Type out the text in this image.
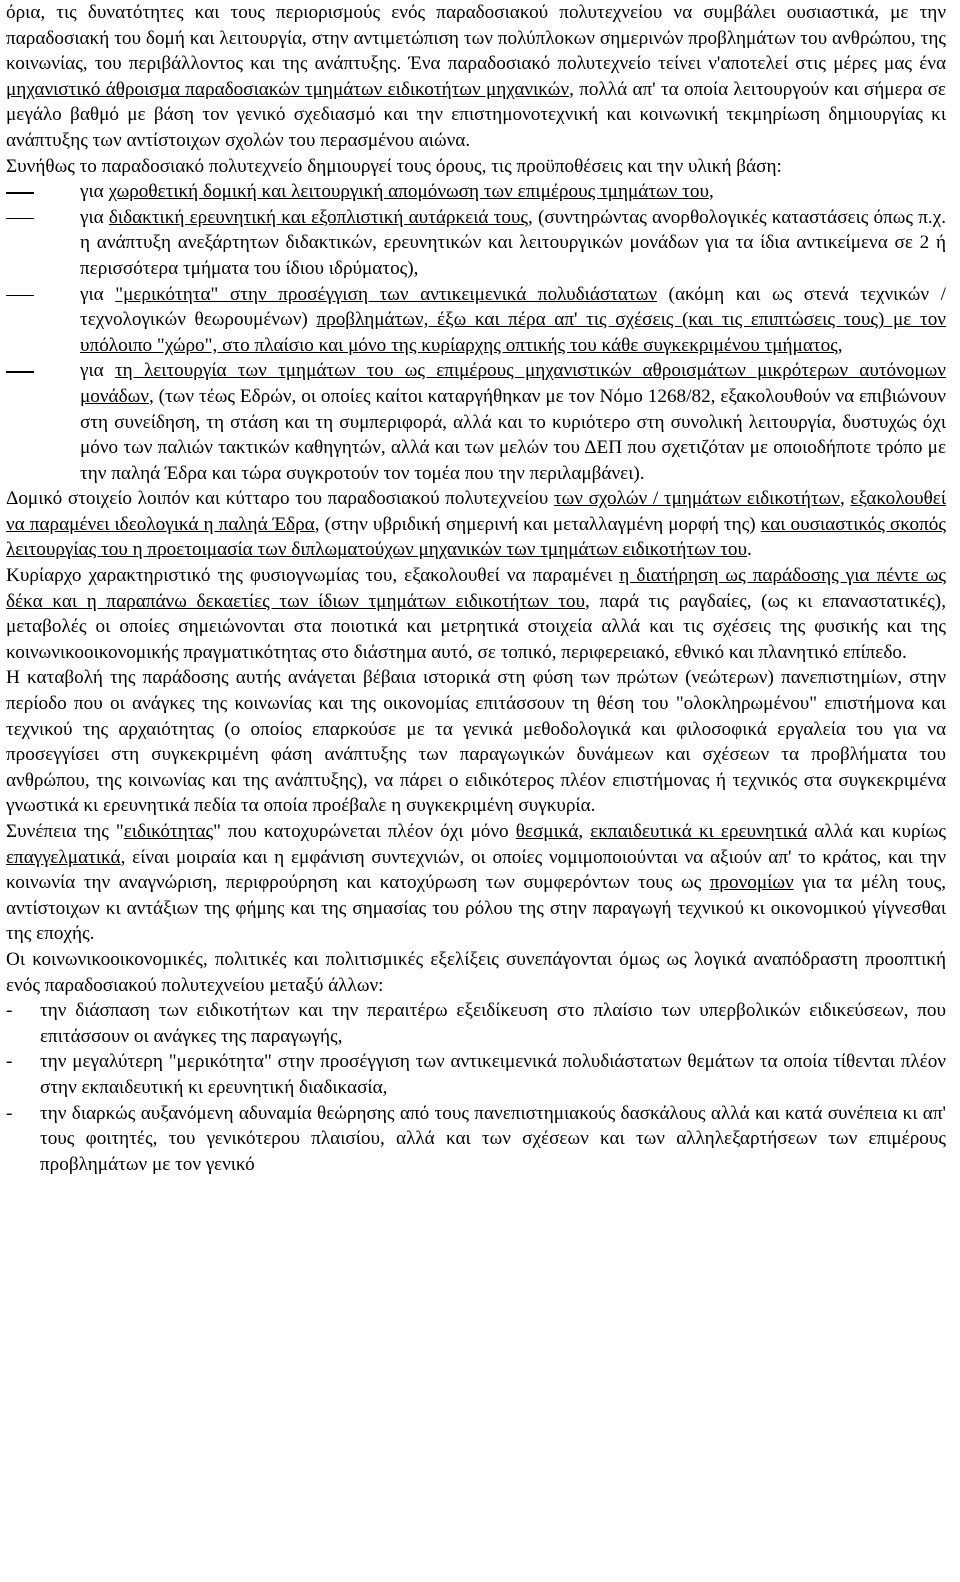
όρια, τις δυνατότητες και τους περιορισμούς ενός παραδοσιακού πολυτεχνείου να συμβάλει ουσιαστικά, με την παραδοσιακή του δομή και λειτουργία, στην αντιμετώπιση των πολύπλοκων σημερινών προβλημάτων του ανθρώπου, της κοινωνίας, του περιβάλλοντος και της ανάπτυξης. Ένα παραδοσιακό πολυτεχνείο τείνει ν'αποτελεί στις μέρες μας ένα μηχανιστικό άθροισμα παραδοσιακών τμημάτων ειδικοτήτων μηχανικών, πολλά απ' τα οποία λειτουργούν και σήμερα σε μεγάλο βαθμό με βάση τον γενικό σχεδιασμό και την επιστημονοτεχνική και κοινωνική τεκμηρίωση δημιουργίας κι ανάπτυξης των αντίστοιχων σχολών του περασμένου αιώνα.

Συνήθως το παραδοσιακό πολυτεχνείο δημιουργεί τους όρους, τις προϋποθέσεις και την υλική βάση:

για χωροθετική δομική και λειτουργική απομόνωση των επιμέρους τμημάτων του,
για διδακτική ερευνητική και εξοπλιστική αυτάρκειά τους, (συντηρώντας ανορθολογικές καταστάσεις όπως π.χ. η ανάπτυξη ανεξάρτητων διδακτικών, ερευνητικών και λειτουργικών μονάδων για τα ίδια αντικείμενα σε 2 ή περισσότερα τμήματα του ίδιου ιδρύματος),
για "μερικότητα" στην προσέγγιση των αντικειμενικά πολυδιάστατων (ακόμη και ως στενά τεχνικών / τεχνολογικών θεωρουμένων) προβλημάτων, έξω και πέρα απ' τις σχέσεις (και τις επιπτώσεις τους) με τον υπόλοιπο "χώρο", στο πλαίσιο και μόνο της κυρίαρχης οπτικής του κάθε συγκεκριμένου τμήματος,
για τη λειτουργία των τμημάτων του ως επιμέρους μηχανιστικών αθροισμάτων μικρότερων αυτόνομων μονάδων, (των τέως Εδρών, οι οποίες καίτοι καταργήθηκαν με τον Νόμο 1268/82, εξακολουθούν να επιβιώνουν στη συνείδηση, τη στάση και τη συμπεριφορά, αλλά και το κυριότερο στη συνολική λειτουργία, δυστυχώς όχι μόνο των παλιών τακτικών καθηγητών, αλλά και των μελών του ΔΕΠ που σχετιζόταν με οποιοδήποτε τρόπο με την παληά Έδρα και τώρα συγκροτούν τον τομέα που την περιλαμβάνει).

Δομικό στοιχείο λοιπόν και κύτταρο του παραδοσιακού πολυτεχνείου των σχολών / τμημάτων ειδικοτήτων, εξακολουθεί να παραμένει ιδεολογικά η παληά Έδρα, (στην υβριδική σημερινή και μεταλλαγμένη μορφή της) και ουσιαστικός σκοπός λειτουργίας του η προετοιμασία των διπλωματούχων μηχανικών των τμημάτων ειδικοτήτων του.

Κυρίαρχο χαρακτηριστικό της φυσιογνωμίας του, εξακολουθεί να παραμένει η διατήρηση ως παράδοσης για πέντε ως δέκα και η παραπάνω δεκαετίες των ίδιων τμημάτων ειδικοτήτων του, παρά τις ραγδαίες, (ως κι επαναστατικές), μεταβολές οι οποίες σημειώνονται στα ποιοτικά και μετρητικά στοιχεία αλλά και τις σχέσεις της φυσικής και της κοινωνικοοικονομικής πραγματικότητας στο διάστημα αυτό, σε τοπικό, περιφερειακό, εθνικό και πλανητικό επίπεδο.

Η καταβολή της παράδοσης αυτής ανάγεται βέβαια ιστορικά στη φύση των πρώτων (νεώτερων) πανεπιστημίων, στην περίοδο που οι ανάγκες της κοινωνίας και της οικονομίας επιτάσσουν τη θέση του "ολοκληρωμένου" επιστήμονα και τεχνικού της αρχαιότητας (ο οποίος επαρκούσε με τα γενικά μεθοδολογικά και φιλοσοφικά εργαλεία του για να προσεγγίσει στη συγκεκριμένη φάση ανάπτυξης των παραγωγικών δυνάμεων και σχέσεων τα προβλήματα του ανθρώπου, της κοινωνίας και της ανάπτυξης), να πάρει ο ειδικότερος πλέον επιστήμονας ή τεχνικός στα συγκεκριμένα γνωστικά κι ερευνητικά πεδία τα οποία προέβαλε η συγκεκριμένη συγκυρία.

Συνέπεια της "ειδικότητας" που κατοχυρώνεται πλέον όχι μόνο θεσμικά, εκπαιδευτικά κι ερευνητικά αλλά και κυρίως επαγγελματικά, είναι μοιραία και η εμφάνιση συντεχνιών, οι οποίες νομιμοποιούνται να αξιούν απ' το κράτος, και την κοινωνία την αναγνώριση, περιφρούρηση και κατοχύρωση των συμφερόντων τους ως προνομίων για τα μέλη τους, αντίστοιχων κι αντάξιων της φήμης και της σημασίας του ρόλου της στην παραγωγή τεχνικού κι οικονομικού γίγνεσθαι της εποχής.

Οι κοινωνικοοικονομικές, πολιτικές και πολιτισμικές εξελίξεις συνεπάγονται όμως ως λογικά αναπόδραστη προοπτική ενός παραδοσιακού πολυτεχνείου μεταξύ άλλων:

- την διάσπαση των ειδικοτήτων και την περαιτέρω εξειδίκευση στο πλαίσιο των υπερβολικών ειδικεύσεων, που επιτάσσουν οι ανάγκες της παραγωγής,
- την μεγαλύτερη "μερικότητα" στην προσέγγιση των αντικειμενικά πολυδιάστατων θεμάτων τα οποία τίθενται πλέον στην εκπαιδευτική κι ερευνητική διαδικασία,
- την διαρκώς αυξανόμενη αδυναμία θεώρησης από τους πανεπιστημιακούς δασκάλους αλλά και κατά συνέπεια κι απ' τους φοιτητές, του γενικότερου πλαισίου, αλλά και των σχέσεων και των αλληλεξαρτήσεων των επιμέρους προβλημάτων με τον γενικό
